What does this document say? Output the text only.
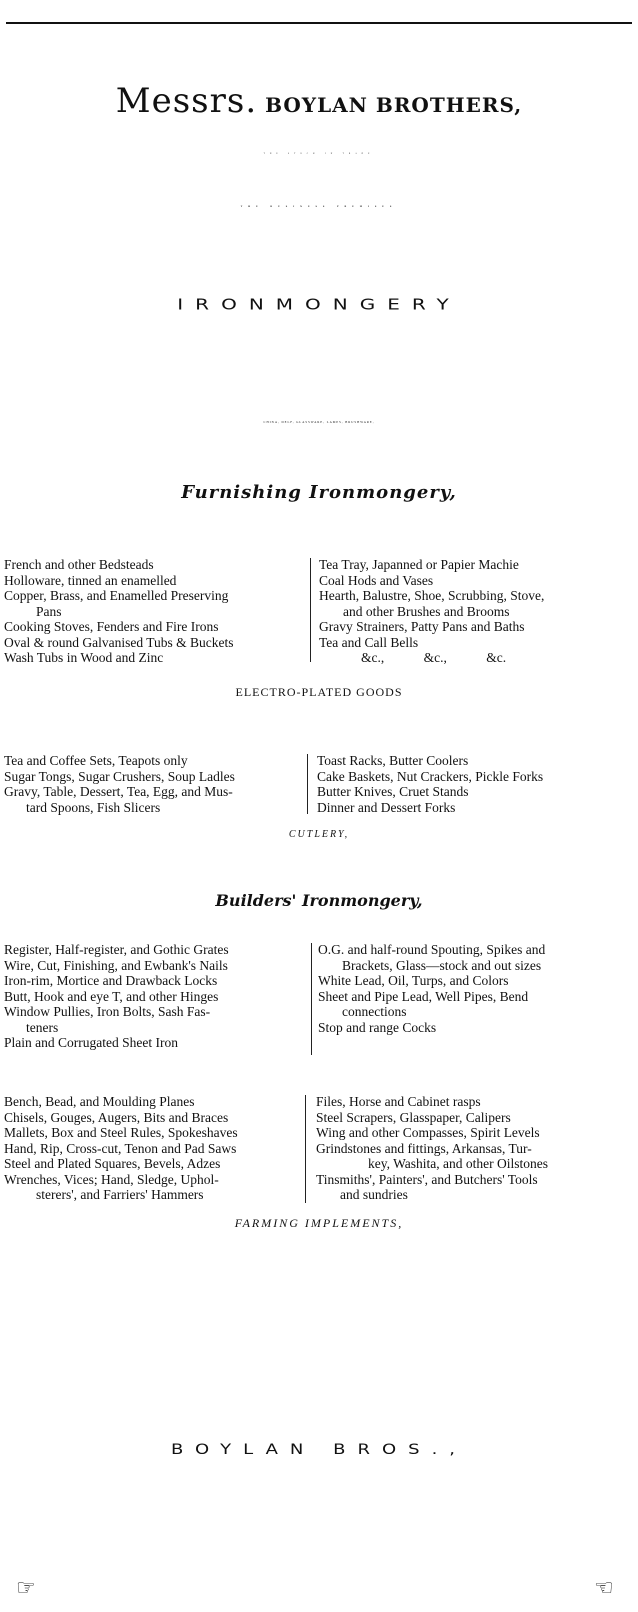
Messrs. BOYLAN BROTHERS,
THE STOCK IN TRADE
THE BUSINESS PREMISES
IRONMONGERY
CHINA, DELF, GLASSWARE, LAMPS, BRUSHWARE,
Furnishing Ironmongery,
French and other Bedsteads
Holloware, tinned an enamelled
Copper, Brass, and Enamelled Preserving
Pans
Cooking Stoves, Fenders and Fire Irons
Oval & round Galvanised Tubs & Buckets
Wash Tubs in Wood and Zinc
Tea Tray, Japanned or Papier Machie
Coal Hods and Vases
Hearth, Balustre, Shoe, Scrubbing, Stove,
and other Brushes and Brooms
Gravy Strainers, Patty Pans and Baths
Tea and Call Bells
&c., &c., &c.
ELECTRO-PLATED GOODS
Tea and Coffee Sets, Teapots only
Sugar Tongs, Sugar Crushers, Soup Ladles
Gravy, Table, Dessert, Tea, Egg, and Mus-
tard Spoons, Fish Slicers
Toast Racks, Butter Coolers
Cake Baskets, Nut Crackers, Pickle Forks
Butter Knives, Cruet Stands
Dinner and Dessert Forks
CUTLERY,
Builders' Ironmongery,
Register, Half-register, and Gothic Grates
Wire, Cut, Finishing, and Ewbank's Nails
Iron-rim, Mortice and Drawback Locks
Butt, Hook and eye T, and other Hinges
Window Pullies, Iron Bolts, Sash Fas-
teners
Plain and Corrugated Sheet Iron
O.G. and half-round Spouting, Spikes and
Brackets, Glass—stock and out sizes
White Lead, Oil, Turps, and Colors
Sheet and Pipe Lead, Well Pipes, Bend
connections
Stop and range Cocks
Bench, Bead, and Moulding Planes
Chisels, Gouges, Augers, Bits and Braces
Mallets, Box and Steel Rules, Spokeshaves
Hand, Rip, Cross-cut, Tenon and Pad Saws
Steel and Plated Squares, Bevels, Adzes
Wrenches, Vices; Hand, Sledge, Uphol-
sterers', and Farriers' Hammers
Files, Horse and Cabinet rasps
Steel Scrapers, Glasspaper, Calipers
Wing and other Compasses, Spirit Levels
Grindstones and fittings, Arkansas, Tur-
key, Washita, and other Oilstones
Tinsmiths', Painters', and Butchers' Tools
and sundries
FARMING IMPLEMENTS,
BOYLAN BROS.,
☞	☜
